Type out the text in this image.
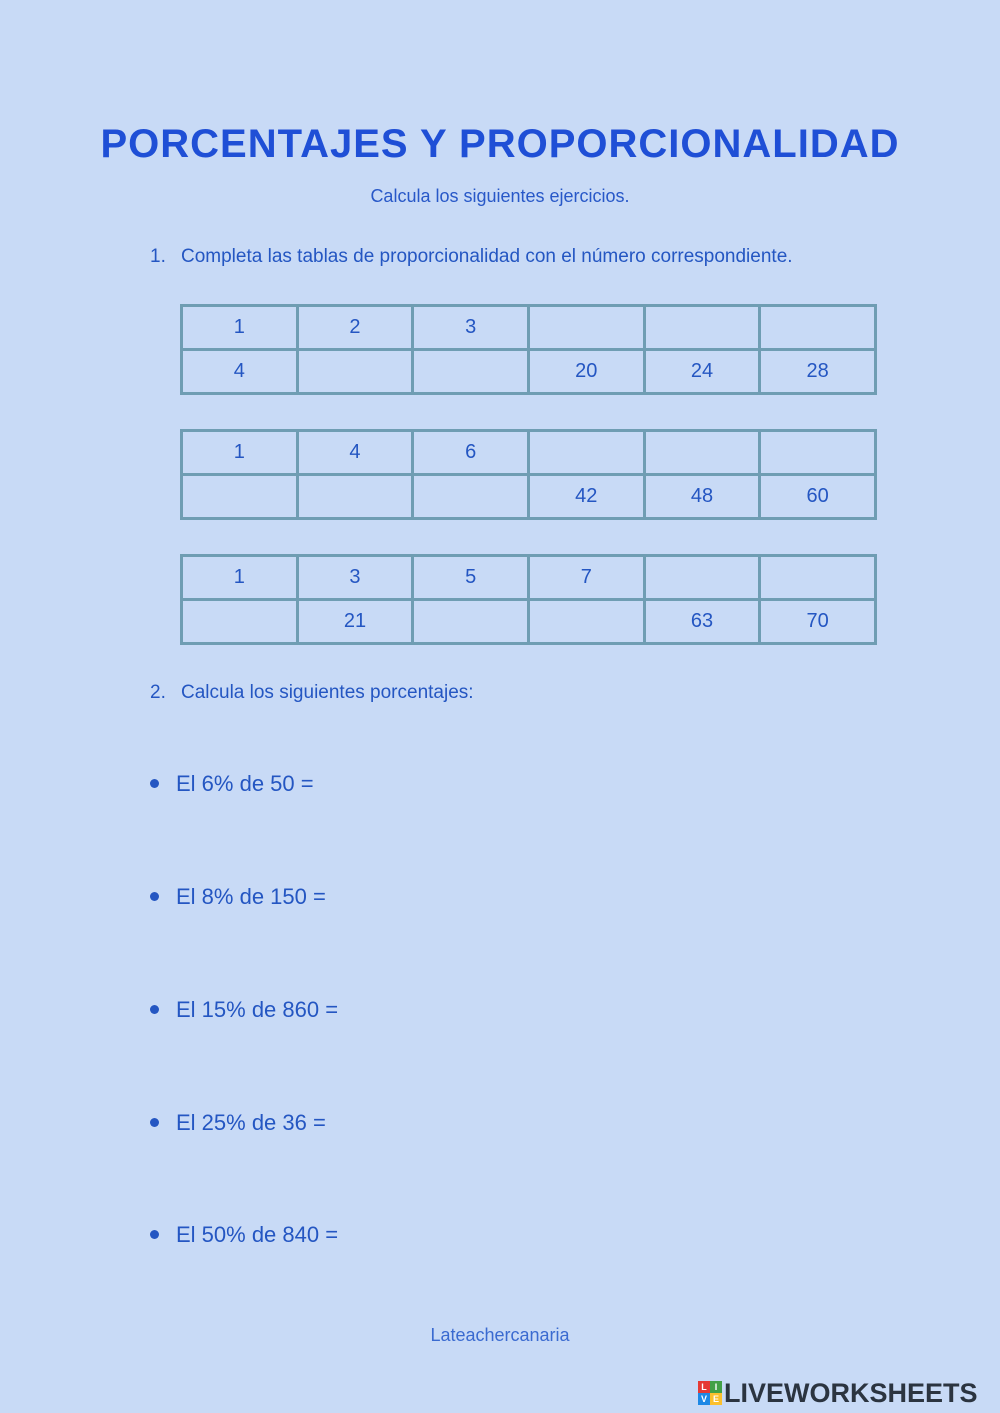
PORCENTAJES Y PROPORCIONALIDAD
Calcula los siguientes ejercicios.
1. Completa las tablas de proporcionalidad con el número correspondiente.
1	2	3			
4			20	24	28
1	4	6			
			42	48	60
1	3	5	7		
	21			63	70
2. Calcula los siguientes porcentajes:
El 6% de 50 =
El 8% de 150 =
El 15% de 860 =
El 25% de 36 =
El 50% de 840 =
Lateachercanaria
L I
V E LIVEWORKSHEETS
